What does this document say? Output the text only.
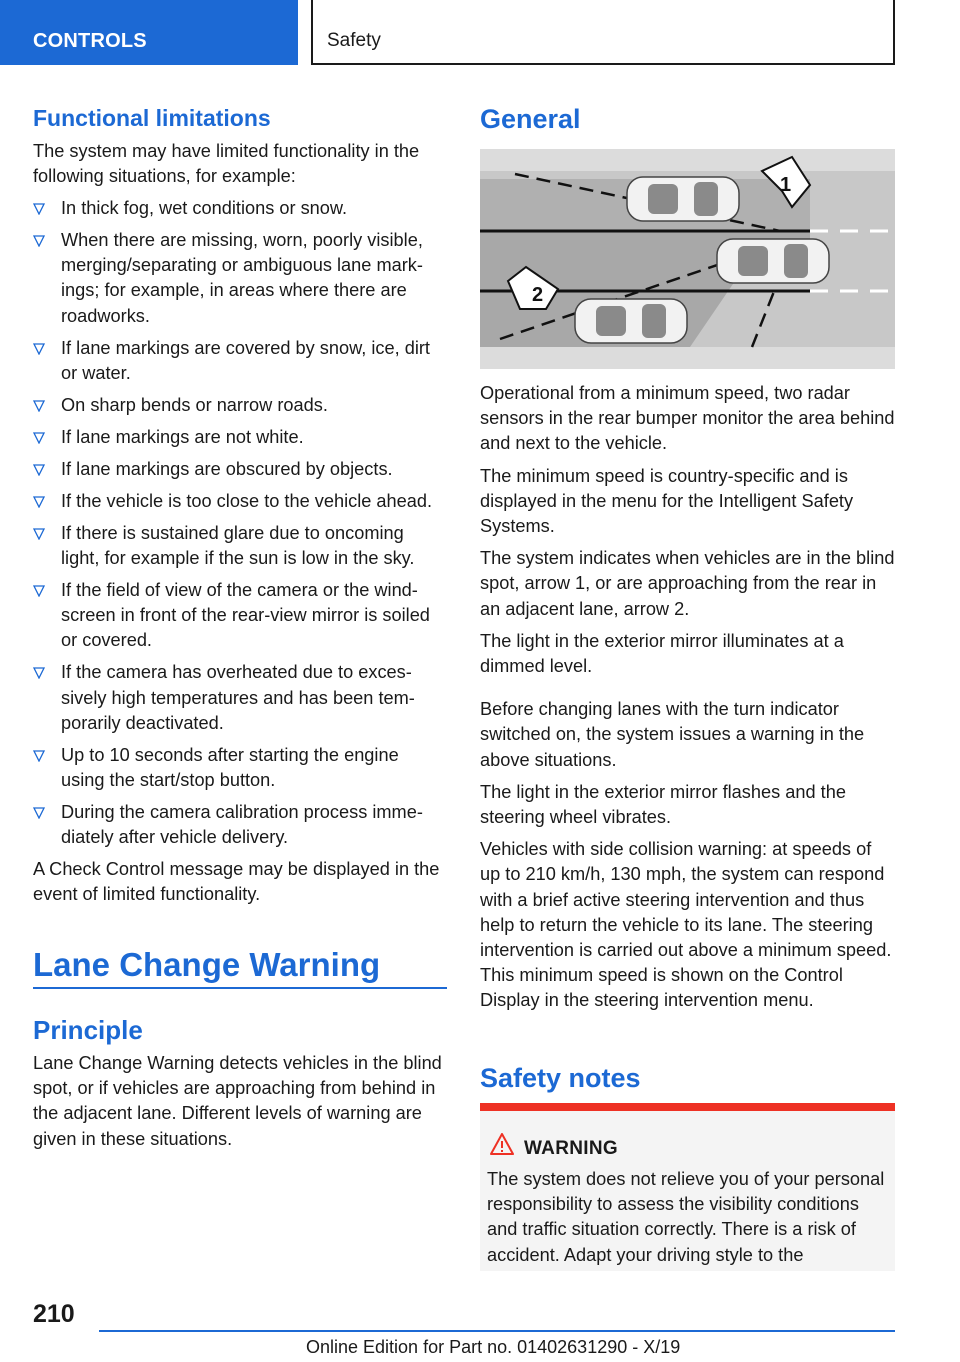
CONTROLS	Safety
Functional limitations

The system may have limited functionality in the following situations, for example:

In thick fog, wet conditions or snow.
When there are missing, worn, poorly visible, merging/separating or ambiguous lane markings; for example, in areas where there are roadworks.
If lane markings are covered by snow, ice, dirt or water.
On sharp bends or narrow roads.
If lane markings are not white.
If lane markings are obscured by objects.
If the vehicle is too close to the vehicle ahead.
If there is sustained glare due to oncoming light, for example if the sun is low in the sky.
If the field of view of the camera or the windscreen in front of the rear-view mirror is soiled or covered.
If the camera has overheated due to excessively high temperatures and has been temporarily deactivated.
Up to 10 seconds after starting the engine using the start/stop button.
During the camera calibration process immediately after vehicle delivery.

A Check Control message may be displayed in the event of limited functionality.

Lane Change Warning
Principle

Lane Change Warning detects vehicles in the blind spot, or if vehicles are approaching from behind in the adjacent lane. Different levels of warning are given in these situations.

General
1
2

Operational from a minimum speed, two radar sensors in the rear bumper monitor the area behind and next to the vehicle.

The minimum speed is country-specific and is displayed in the menu for the Intelligent Safety Systems.

The system indicates when vehicles are in the blind spot, arrow 1, or are approaching from the rear in an adjacent lane, arrow 2.

The light in the exterior mirror illuminates at a dimmed level.

Before changing lanes with the turn indicator switched on, the system issues a warning in the above situations.

The light in the exterior mirror flashes and the steering wheel vibrates.

Vehicles with side collision warning: at speeds of up to 210 km/h, 130 mph, the system can respond with a brief active steering intervention and thus help to return the vehicle to its lane. The steering intervention is carried out above a minimum speed. This minimum speed is shown on the Control Display in the steering intervention menu.

Safety notes
WARNING

The system does not relieve you of your personal responsibility to assess the visibility conditions and traffic situation correctly. There is a risk of accident. Adapt your driving style to the

210
Online Edition for Part no. 01402631290 - X/19
